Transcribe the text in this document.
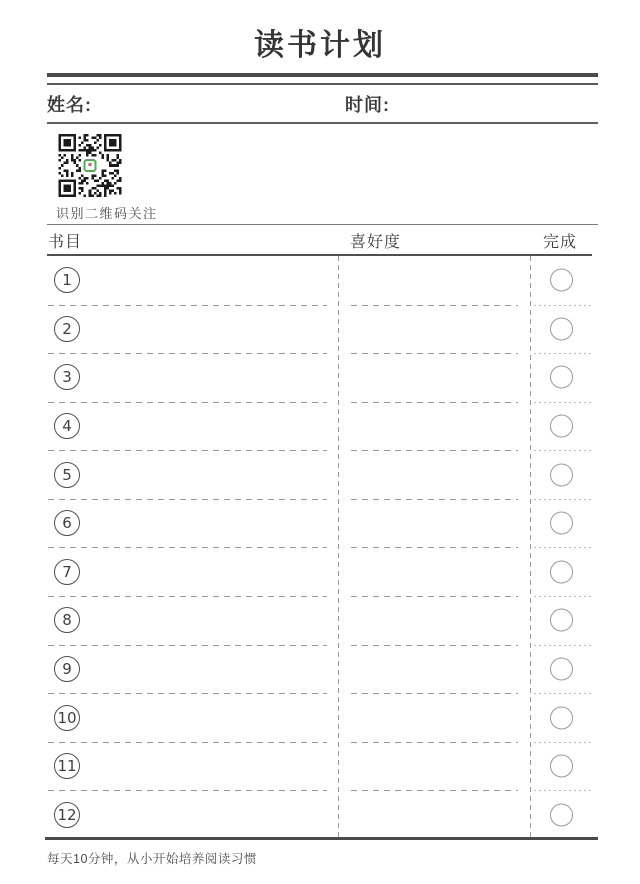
读书计划
姓名:	时间:
识别二维码关注
书目	喜好度	完成
1
2
3
4
5
6
7
8
9
10
11
12
每天10分钟，从小开始培养阅读习惯
